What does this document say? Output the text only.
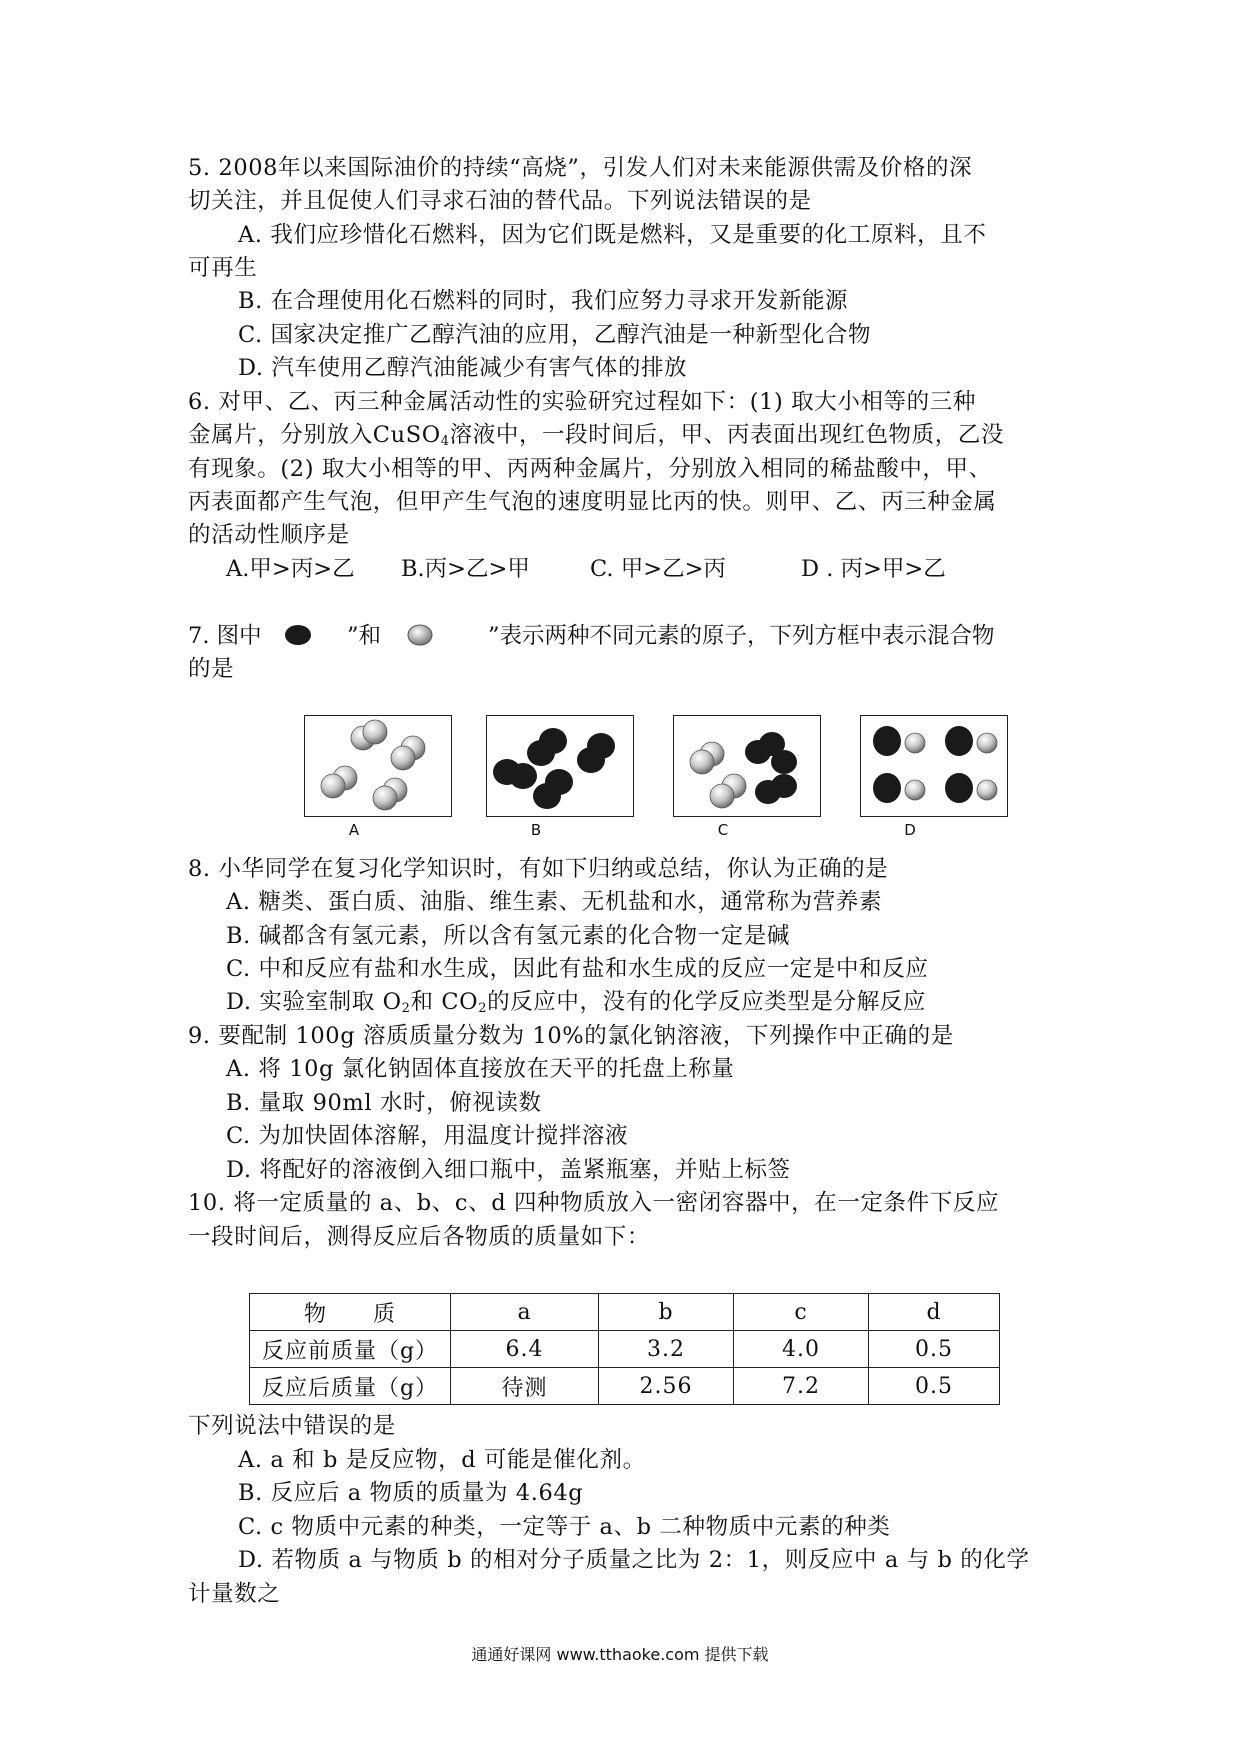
5. 2008年以来国际油价的持续“高烧”，引发人们对未来能源供需及价格的深
切关注，并且促使人们寻求石油的替代品。下列说法错误的是
A. 我们应珍惜化石燃料，因为它们既是燃料，又是重要的化工原料，且不
可再生
B. 在合理使用化石燃料的同时，我们应努力寻求开发新能源
C. 国家决定推广乙醇汽油的应用，乙醇汽油是一种新型化合物
D. 汽车使用乙醇汽油能减少有害气体的排放
6. 对甲、乙、丙三种金属活动性的实验研究过程如下：(1) 取大小相等的三种
金属片，分别放入CuSO$_4$溶液中，一段时间后，甲、丙表面出现红色物质，乙没
有现象。(2) 取大小相等的甲、丙两种金属片，分别放入相同的稀盐酸中，甲、
丙表面都产生气泡，但甲产生气泡的速度明显比丙的快。则甲、乙、丙三种金属
的活动性顺序是
A.甲>丙>乙 B.丙>乙>甲	C. 甲>乙>丙	D . 丙>甲>乙
7. 图中	”和	”表示两种不同元素的原子，下列方框中表示混合物
的是
A	B	C	D
8. 小华同学在复习化学知识时，有如下归纳或总结，你认为正确的是
A. 糖类、蛋白质、油脂、维生素、无机盐和水，通常称为营养素
B. 碱都含有氢元素，所以含有氢元素的化合物一定是碱
C. 中和反应有盐和水生成，因此有盐和水生成的反应一定是中和反应
D. 实验室制取 $O_2$和 $CO_2$的反应中，没有的化学反应类型是分解反应
9. 要配制 100g 溶质质量分数为 10%的氯化钠溶液，下列操作中正确的是
A. 将 10g 氯化钠固体直接放在天平的托盘上称量
B. 量取 90ml 水时，俯视读数
C. 为加快固体溶解，用温度计搅拌溶液
D. 将配好的溶液倒入细口瓶中，盖紧瓶塞，并贴上标签
10. 将一定质量的 a、b、c、d 四种物质放入一密闭容器中，在一定条件下反应
一段时间后，测得反应后各物质的质量如下：
物　　质	a	b	c	d
反应前质量（g）	6.4	3.2	4.0	0.5
反应后质量（g）	待测	2.56	7.2	0.5
下列说法中错误的是
A. a 和 b 是反应物，d 可能是催化剂。
B. 反应后 a 物质的质量为 4.64g
C. c 物质中元素的种类，一定等于 a、b 二种物质中元素的种类
D. 若物质 a 与物质 b 的相对分子质量之比为 2：1，则反应中 a 与 b 的化学
计量数之
通通好课网 www.tthaoke.com 提供下载
